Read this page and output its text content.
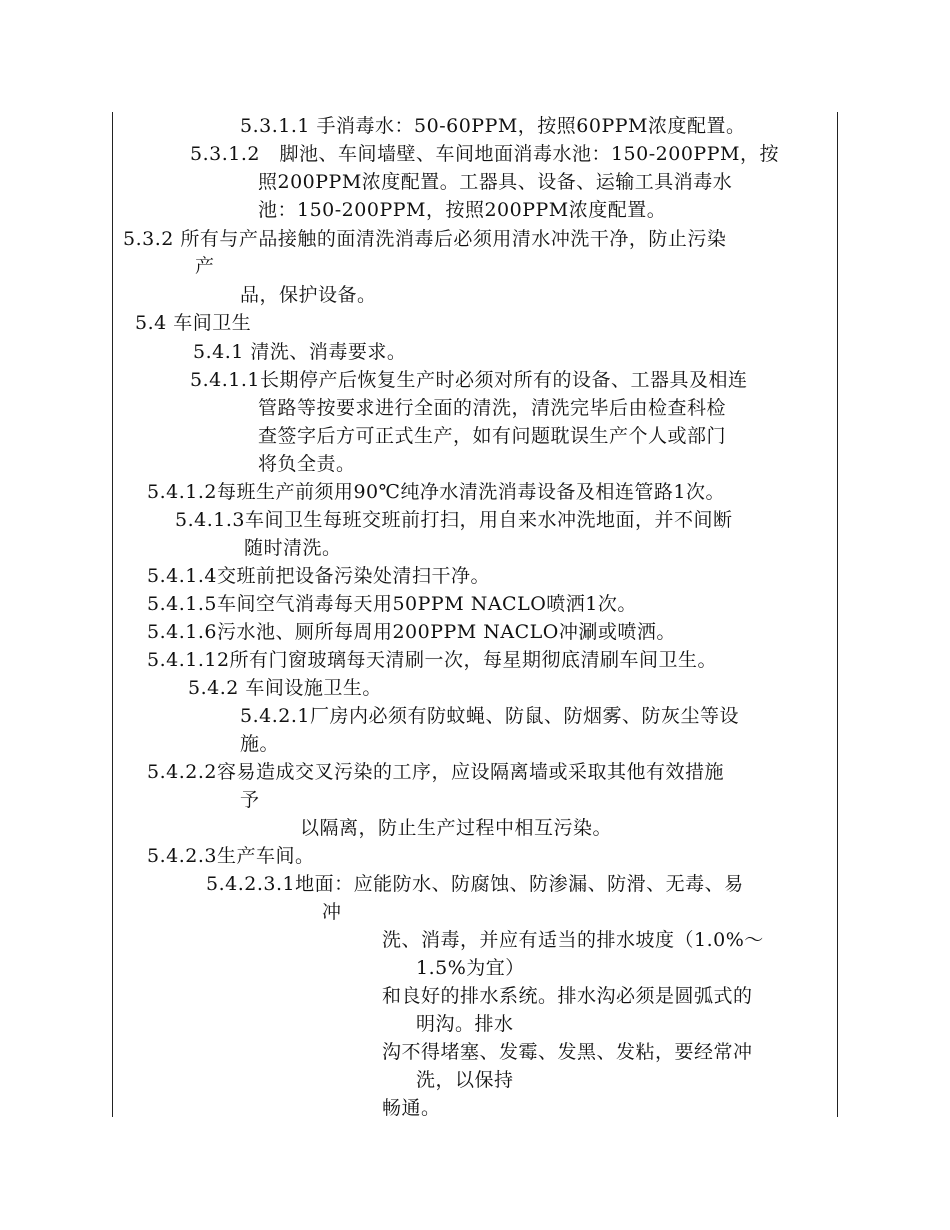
5.3.1.1 手消毒水：50-60PPM，按照60PPM浓度配置。
5.3.1.2　脚池、车间墙壁、车间地面消毒水池：150-200PPM，按
照200PPM浓度配置。工器具、设备、运输工具消毒水
池：150-200PPM，按照200PPM浓度配置。
5.3.2 所有与产品接触的面清洗消毒后必须用清水冲洗干净，防止污染
产
品，保护设备。
5.4 车间卫生
5.4.1 清洗、消毒要求。
5.4.1.1长期停产后恢复生产时必须对所有的设备、工器具及相连
管路等按要求进行全面的清洗，清洗完毕后由检查科检
查签字后方可正式生产，如有问题耽误生产个人或部门
将负全责。
5.4.1.2每班生产前须用90℃纯净水清洗消毒设备及相连管路1次。
5.4.1.3车间卫生每班交班前打扫，用自来水冲洗地面，并不间断
随时清洗。
5.4.1.4交班前把设备污染处清扫干净。
5.4.1.5车间空气消毒每天用50PPM NACLO喷洒1次。
5.4.1.6污水池、厕所每周用200PPM NACLO冲涮或喷洒。
5.4.1.12所有门窗玻璃每天清刷一次，每星期彻底清刷车间卫生。
5.4.2 车间设施卫生。
5.4.2.1厂房内必须有防蚊蝇、防鼠、防烟雾、防灰尘等设
施。
5.4.2.2容易造成交叉污染的工序，应设隔离墙或采取其他有效措施
予
以隔离，防止生产过程中相互污染。
5.4.2.3生产车间。
5.4.2.3.1地面：应能防水、防腐蚀、防渗漏、防滑、无毒、易
冲
洗、消毒，并应有适当的排水坡度（1.0%～
1.5%为宜）
和良好的排水系统。排水沟必须是圆弧式的
明沟。排水
沟不得堵塞、发霉、发黑、发粘，要经常冲
洗，以保持
畅通。
